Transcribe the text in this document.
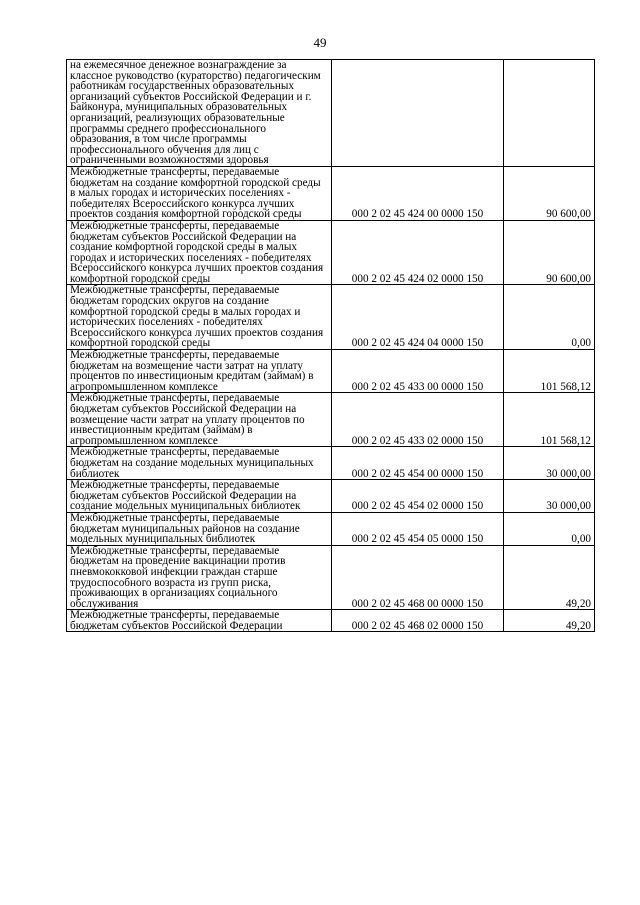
49
на ежемесячное денежное вознаграждение за классное руководство (кураторство) педагогическим работникам государственных образовательных организаций субъектов Российской Федерации и г. Байконура, муниципальных образовательных организаций, реализующих образовательные программы среднего профессионального образования, в том числе программы профессионального обучения для лиц с ограниченными возможностями здоровья		

Межбюджетные трансферты, передаваемые бюджетам на создание комфортной городской среды в малых городах и исторических поселениях - победителях Всероссийского конкурса лучших проектов создания комфортной городской среды	000 2 02 45 424 00 0000 150	90 600,00

Межбюджетные трансферты, передаваемые бюджетам субъектов Российской Федерации на создание комфортной городской среды в малых городах и исторических поселениях - победителях Всероссийского конкурса лучших проектов создания комфортной городской среды	000 2 02 45 424 02 0000 150	90 600,00

Межбюджетные трансферты, передаваемые бюджетам городских округов на создание комфортной городской среды в малых городах и исторических поселениях - победителях Всероссийского конкурса лучших проектов создания комфортной городской среды	000 2 02 45 424 04 0000 150	0,00

Межбюджетные трансферты, передаваемые бюджетам на возмещение части затрат на уплату процентов по инвестиционым кредитам (займам) в агропромышленном комплексе	000 2 02 45 433 00 0000 150	101 568,12

Межбюджетные трансферты, передаваемые бюджетам субъектов Российской Федерации на возмещение части затрат на уплату процентов по инвестиционным кредитам (займам) в агропромышленном комплексе	000 2 02 45 433 02 0000 150	101 568,12

Межбюджетные трансферты, передаваемые бюджетам на создание модельных муниципальных библиотек	000 2 02 45 454 00 0000 150	30 000,00

Межбюджетные трансферты, передаваемые бюджетам субъектов Российской Федерации на создание модельных муниципальных библиотек	000 2 02 45 454 02 0000 150	30 000,00

Межбюджетные трансферты, передаваемые бюджетам муниципальных районов на создание модельных муниципальных библиотек	000 2 02 45 454 05 0000 150	0,00

Межбюджетные трансферты, передаваемые бюджетам на проведение вакцинации против пневмококковой инфекции граждан старше трудоспособного возраста из групп риска, проживающих в организациях социального обслуживания	000 2 02 45 468 00 0000 150	49,20

Межбюджетные трансферты, передаваемые бюджетам субъектов Российской Федерации	000 2 02 45 468 02 0000 150	49,20
